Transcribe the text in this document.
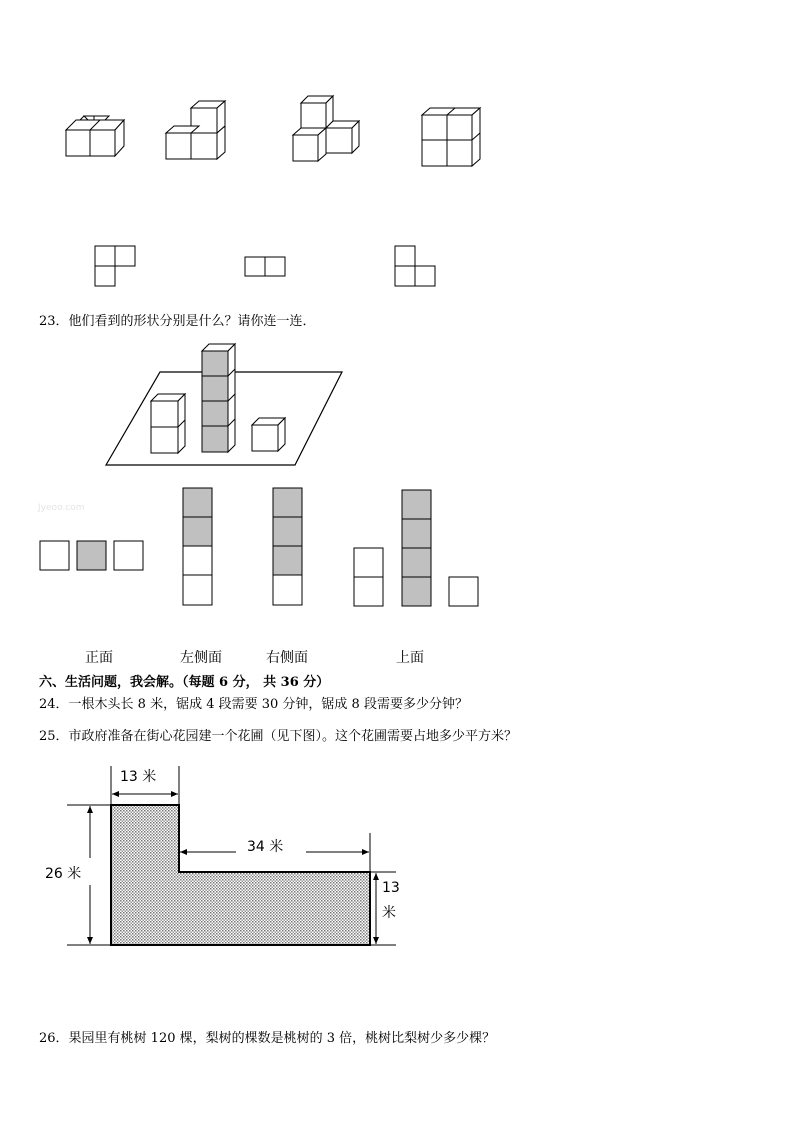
23．他们看到的形状分别是什么？请你连一连．
Jyeoo.com
正面	左侧面	右侧面	上面
六、生活问题，我会解。（每题 6 分， 共 36 分）
24．一根木头长 8 米，锯成 4 段需要 30 分钟，锯成 8 段需要多少分钟？
25．市政府准备在街心花园建一个花圃（见下图）。这个花圃需要占地多少平方米？
13 米
34 米
26 米
13
米
26．果园里有桃树 120 棵，梨树的棵数是桃树的 3 倍，桃树比梨树少多少棵？
